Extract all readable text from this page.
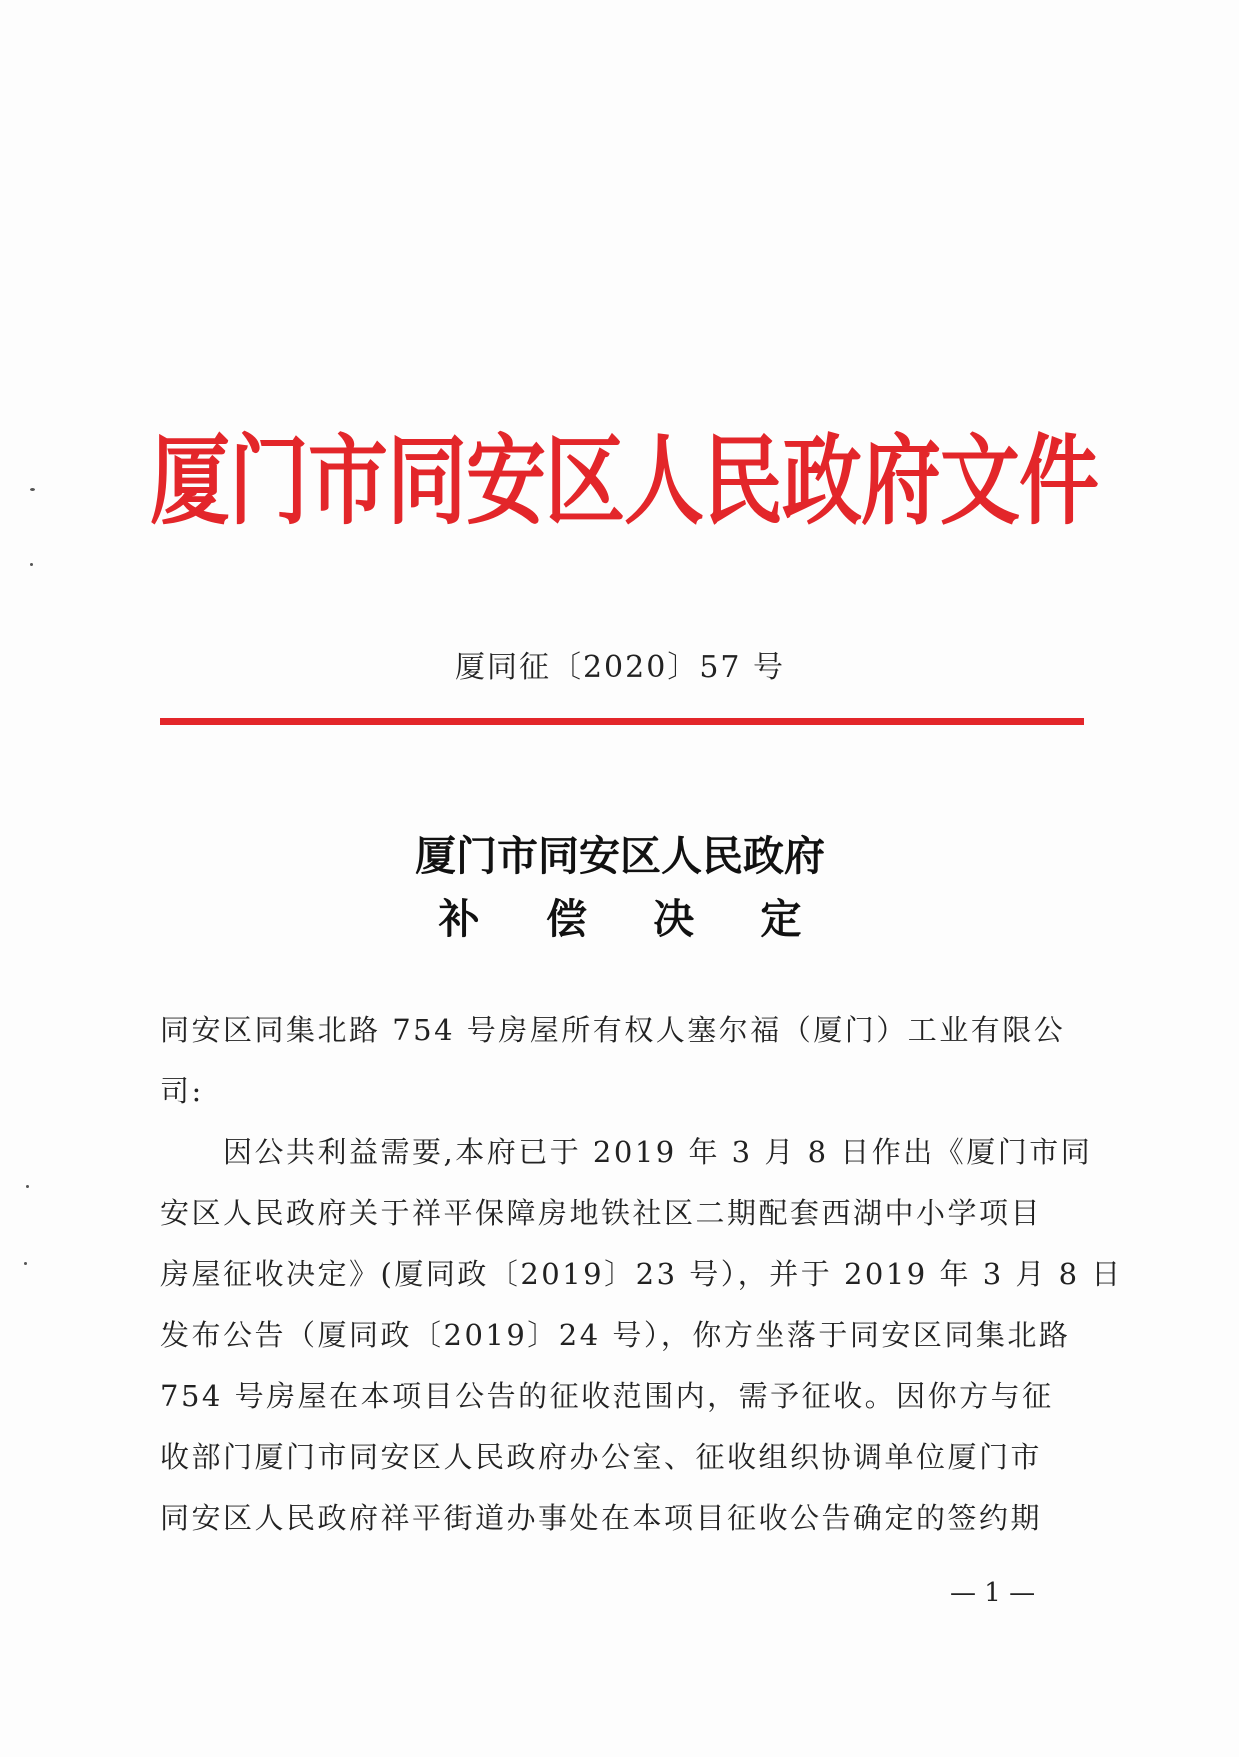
厦门市同安区人民政府文件
厦同征〔2020〕57 号
厦门市同安区人民政府
补 偿 决 定
同安区同集北路 754 号房屋所有权人塞尔福（厦门）工业有限公
司:
　　因公共利益需要,本府已于 2019 年 3 月 8 日作出《厦门市同
安区人民政府关于祥平保障房地铁社区二期配套西湖中小学项目
房屋征收决定》(厦同政〔2019〕23 号），并于 2019 年 3 月 8 日
发布公告（厦同政〔2019〕24 号），你方坐落于同安区同集北路
754 号房屋在本项目公告的征收范围内，需予征收。因你方与征
收部门厦门市同安区人民政府办公室、征收组织协调单位厦门市
同安区人民政府祥平街道办事处在本项目征收公告确定的签约期
— 1 —
